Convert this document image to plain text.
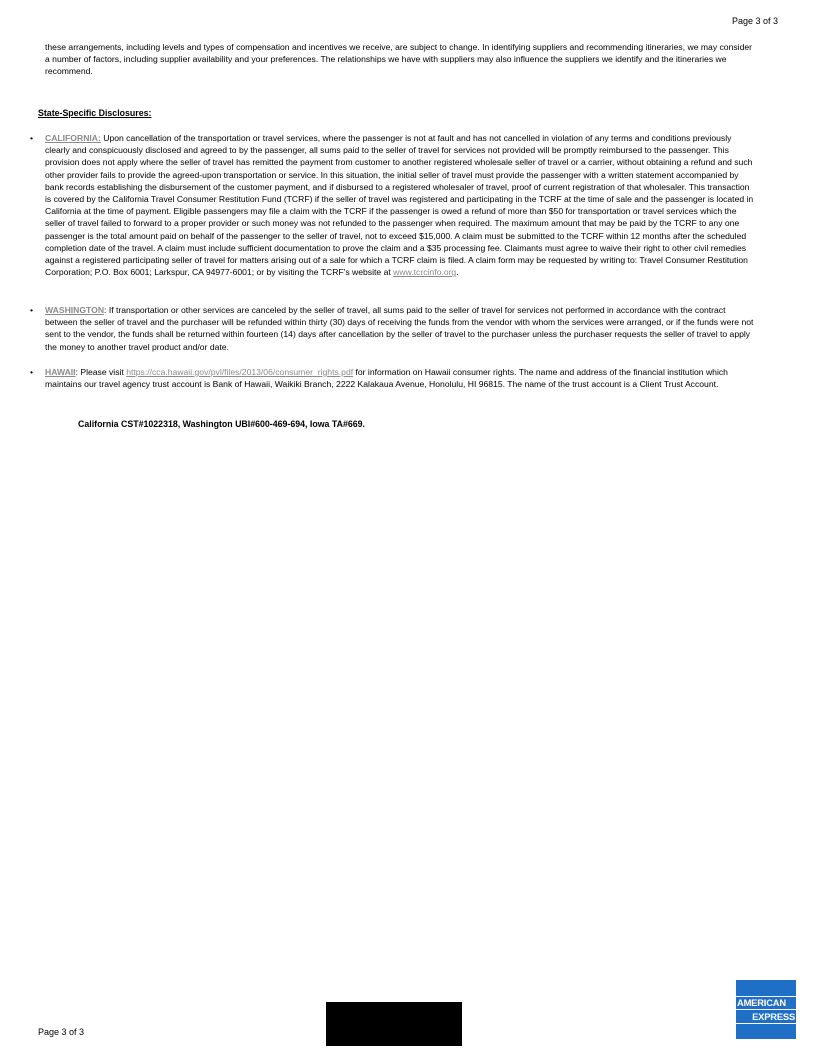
Page 3 of 3

these arrangements, including levels and types of compensation and incentives we receive, are subject to change. In identifying suppliers and recommending itineraries, we may consider a number of factors, including supplier availability and your preferences. The relationships we have with suppliers may also influence the suppliers we identify and the itineraries we recommend.

State-Specific Disclosures:

• CALIFORNIA: Upon cancellation of the transportation or travel services, where the passenger is not at fault and has not cancelled in violation of any terms and conditions previously clearly and conspicuously disclosed and agreed to by the passenger, all sums paid to the seller of travel for services not provided will be promptly reimbursed to the passenger. This provision does not apply where the seller of travel has remitted the payment from customer to another registered wholesale seller of travel or a carrier, without obtaining a refund and such other provider fails to provide the agreed-upon transportation or service. In this situation, the initial seller of travel must provide the passenger with a written statement accompanied by bank records establishing the disbursement of the customer payment, and if disbursed to a registered wholesaler of travel, proof of current registration of that wholesaler. This transaction is covered by the California Travel Consumer Restitution Fund (TCRF) if the seller of travel was registered and participating in the TCRF at the time of sale and the passenger is located in California at the time of payment. Eligible passengers may file a claim with the TCRF if the passenger is owed a refund of more than $50 for transportation or travel services which the seller of travel failed to forward to a proper provider or such money was not refunded to the passenger when required. The maximum amount that may be paid by the TCRF to any one passenger is the total amount paid on behalf of the passenger to the seller of travel, not to exceed $15,000. A claim must be submitted to the TCRF within 12 months after the scheduled completion date of the travel. A claim must include sufficient documentation to prove the claim and a $35 processing fee. Claimants must agree to waive their right to other civil remedies against a registered participating seller of travel for matters arising out of a sale for which a TCRF claim is filed. A claim form may be requested by writing to: Travel Consumer Restitution Corporation; P.O. Box 6001; Larkspur, CA 94977-6001; or by visiting the TCRF's website at www.tcrcinfo.org.

• WASHINGTON: If transportation or other services are canceled by the seller of travel, all sums paid to the seller of travel for services not performed in accordance with the contract between the seller of travel and the purchaser will be refunded within thirty (30) days of receiving the funds from the vendor with whom the services were arranged, or if the funds were not sent to the vendor, the funds shall be returned within fourteen (14) days after cancellation by the seller of travel to the purchaser unless the purchaser requests the seller of travel to apply the money to another travel product and/or date.

• HAWAII: Please visit https://cca.hawaii.gov/pvl/files/2013/06/consumer_rights.pdf for information on Hawaii consumer rights. The name and address of the financial institution which maintains our travel agency trust account is Bank of Hawaii, Waikiki Branch, 2222 Kalakaua Avenue, Honolulu, HI 96815. The name of the trust account is a Client Trust Account.

California CST#1022318, Washington UBI#600-469-694, Iowa TA#669.

Page 3 of 3
AMERICAN
EXPRESS
